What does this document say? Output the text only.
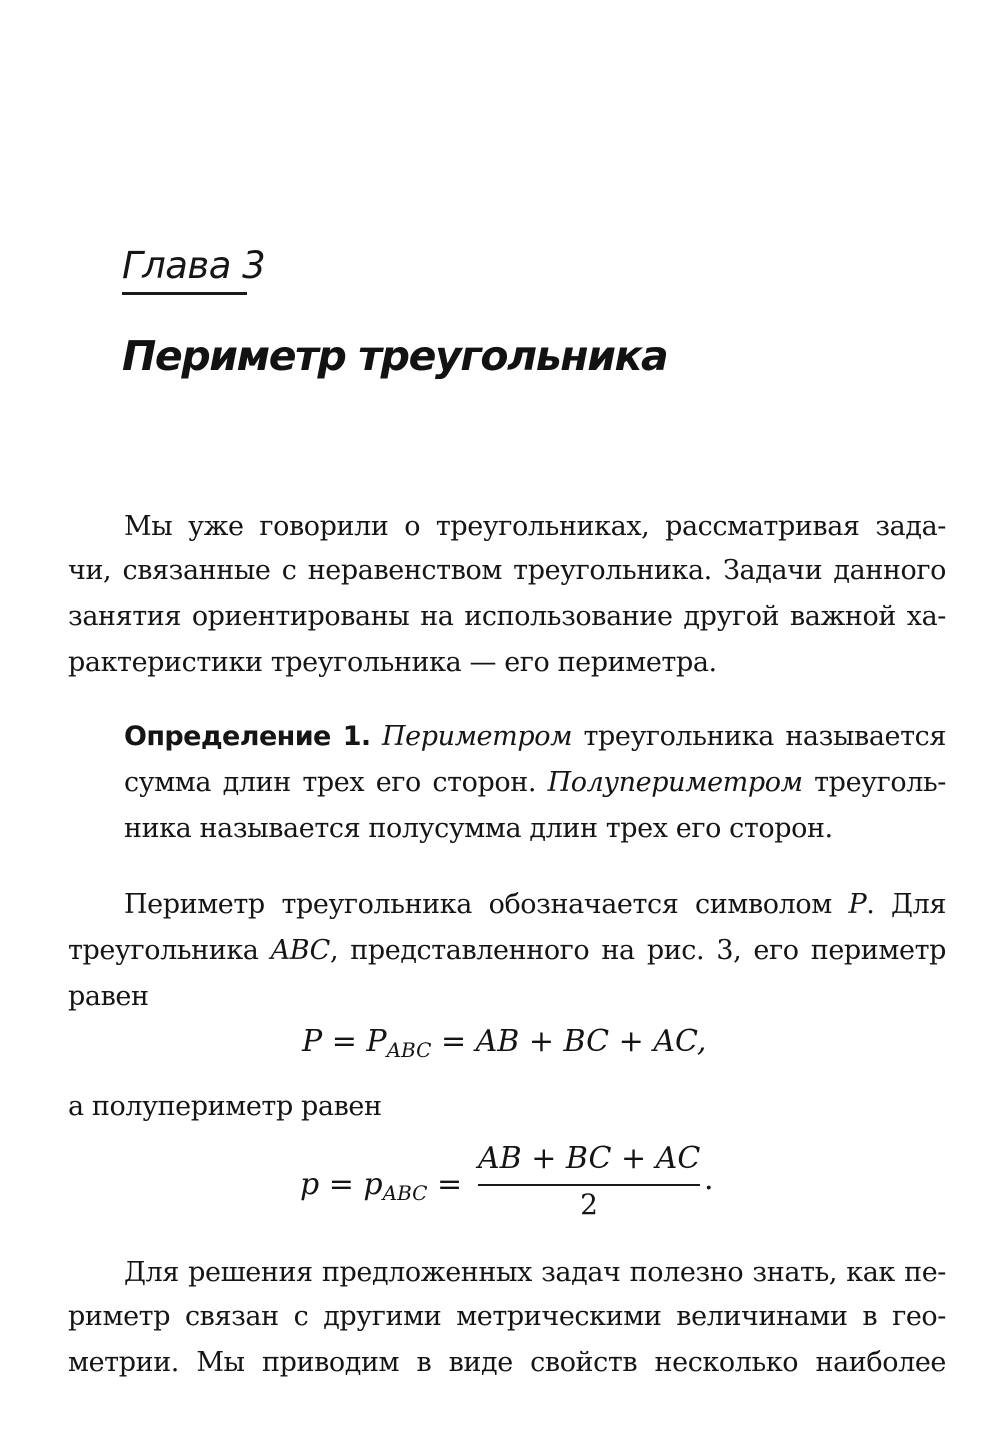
Глава 3
Периметр треугольника
Мы уже говорили о треугольниках, рассматривая зада-
чи, связанные с неравенством треугольника. Задачи данного
занятия ориентированы на использование другой важной ха-
рактеристики треугольника — его периметра.
Определение 1. Периметром треугольника называется
сумма длин трех его сторон. Полупериметром треуголь-
ника называется полусумма длин трех его сторон.
Периметр треугольника обозначается символом P. Для
треугольника ABC, представленного на рис. 3, его периметр
равен
$P = P_{ABC}$ = AB + BC + AC,
а полупериметр равен
$p = p_{ABC}$ =
AB + BC + AC
2
.
Для решения предложенных задач полезно знать, как пе-
риметр связан с другими метрическими величинами в гео-
метрии. Мы приводим в виде свойств несколько наиболее
